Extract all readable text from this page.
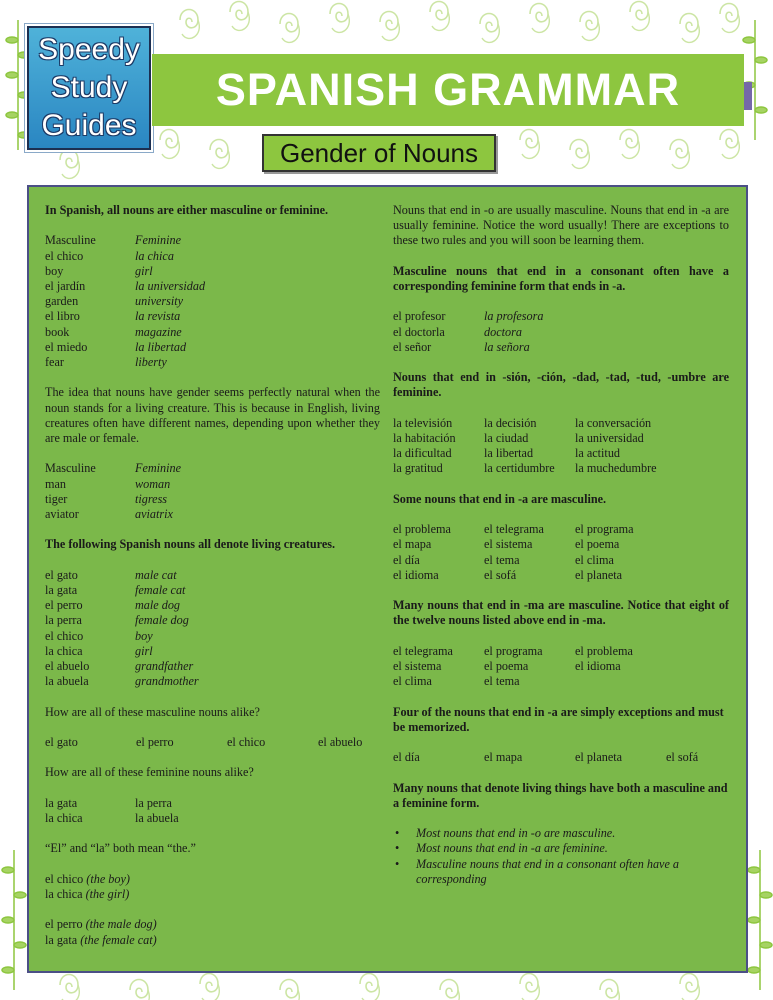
Speedy
Study
Guides
SPANISH GRAMMAR
Gender of Nouns

In Spanish, all nouns are either masculine or feminine.

Masculine	Feminine
el chico	la chica
boy	girl
el jardín	la universidad
garden	university
el libro	la revista
book	magazine
el miedo	la libertad
fear	liberty

The idea that nouns have gender seems perfectly natural when the noun stands for a living creature. This is because in English, living creatures often have different names, depending upon whether they are male or female.

Masculine	Feminine
man	woman
tiger	tigress
aviator	aviatrix

The following Spanish nouns all denote living creatures.

el gato	male cat
la gata	female cat
el perro	male dog
la perra	female dog
el chico	boy
la chica	girl
el abuelo	grandfather
la abuela	grandmother

How are all of these masculine nouns alike?

el gato	el perro	el chico	el abuelo

How are all of these feminine nouns alike?

la gata	la perra
la chica	la abuela

“El” and “la” both mean “the.”

el chico (the boy)
la chica (the girl)
el perro (the male dog)
la gata (the female cat)

Nouns that end in -o are usually masculine. Nouns that end in -a are usually feminine. Notice the word usually! There are exceptions to these two rules and you will soon be learning them.

Masculine nouns that end in a consonant often have a corresponding feminine form that ends in -a.

el profesor	la profesora
el doctorla	doctora
el señor	la señora

Nouns that end in -sión, -ción, -dad, -tad, -tud, -umbre are feminine.

la televisión	la decisión	la conversación
la habitación	la ciudad	la universidad
la dificultad	la libertad	la actitud
la gratitud	la certidumbre	la muchedumbre

Some nouns that end in -a are masculine.

el problema	el telegrama	el programa
el mapa	el sistema	el poema
el día	el tema	el clima
el idioma	el sofá	el planeta

Many nouns that end in -ma are masculine. Notice that eight of the twelve nouns listed above end in -ma.

el telegrama	el programa	el problema
el sistema	el poema	el idioma
el clima	el tema

Four of the nouns that end in -a are simply exceptions and must be memorized.

el día	el mapa	el planeta	el sofá

Many nouns that denote living things have both a masculine and a feminine form.

• Most nouns that end in -o are masculine.
• Most nouns that end in -a are feminine.
• Masculine nouns that end in a consonant often have a corresponding
